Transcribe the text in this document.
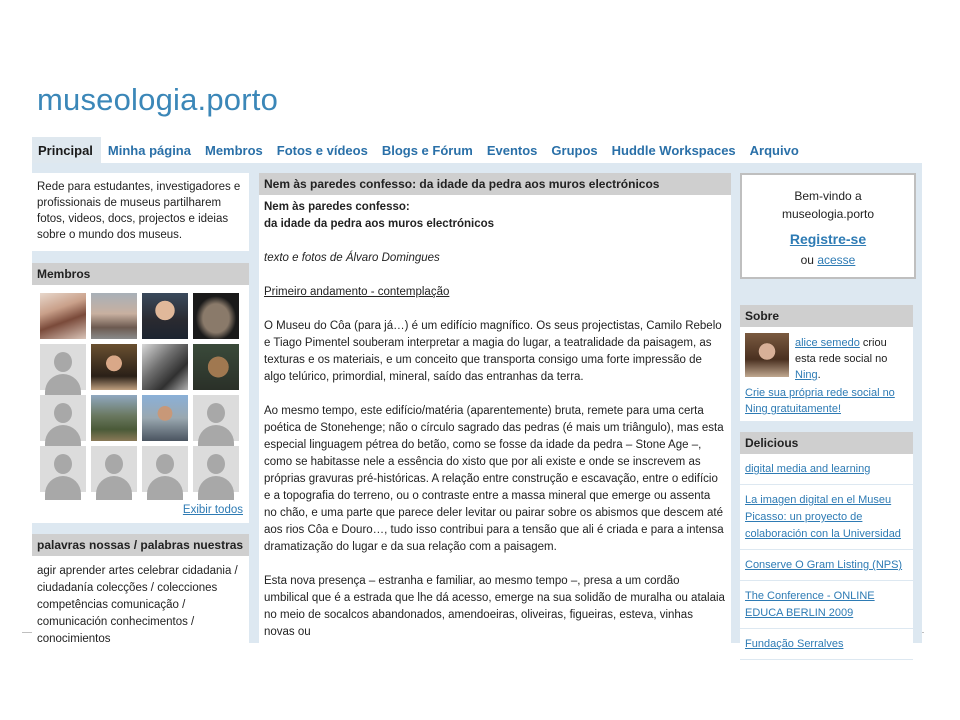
museologia.porto
Principal	Minha página	Membros	Fotos e vídeos	Blogs e Fórum	Eventos	Grupos	Huddle Workspaces	Arquivo
Rede para estudantes, investigadores e profissionais de museus partilharem fotos, videos, docs, projectos e ideias sobre o mundo dos museus.
Membros
Exibir todos
palavras nossas / palabras nuestras
agir aprender artes celebrar cidadania / ciudadanía colecções / colecciones competências comunicação / comunicación conhecimentos / conocimientos
Nem às paredes confesso: da idade da pedra aos muros electrónicos

Nem às paredes confesso:
da idade da pedra aos muros electrónicos

texto e fotos de Álvaro Domingues

Primeiro andamento - contemplação

O Museu do Côa (para já…) é um edifício magnífico. Os seus projectistas, Camilo Rebelo e Tiago Pimentel souberam interpretar a magia do lugar, a teatralidade da paisagem, as texturas e os materiais, e um conceito que transporta consigo uma forte impressão de algo telúrico, primordial, mineral, saído das entranhas da terra.

Ao mesmo tempo, este edifício/matéria (aparentemente) bruta, remete para uma certa poética de Stonehenge; não o círculo sagrado das pedras (é mais um triângulo), mas esta especial linguagem pétrea do betão, como se fosse da idade da pedra – Stone Age –, como se habitasse nele a essência do xisto que por ali existe e onde se inscrevem as próprias gravuras pré-históricas. A relação entre construção e escavação, entre o edifício e a topografia do terreno, ou o contraste entre a massa mineral que emerge ou assenta no chão, e uma parte que parece deler levitar ou pairar sobre os abismos que descem até aos rios Côa e Douro…, tudo isso contribui para a tensão que ali é criada e para a intensa dramatização do lugar e da sua relação com a paisagem.

Esta nova presença – estranha e familiar, ao mesmo tempo –, presa a um cordão umbilical que é a estrada que lhe dá acesso, emerge na sua solidão de muralha ou atalaia no meio de socalcos abandonados, amendoeiras, oliveiras, figueiras, esteva, vinhas novas ou

Bem-vindo a
museologia.porto
Registre-se
ou acesse
Sobre
alice semedo criou esta rede social no Ning.
Crie sua própria rede social no Ning gratuitamente!
Delicious
digital media and learning
La imagen digital en el Museu Picasso: un proyecto de colaboración con la Universidad
Conserve O Gram Listing (NPS)
The Conference - ONLINE EDUCA BERLIN 2009
Fundação Serralves
